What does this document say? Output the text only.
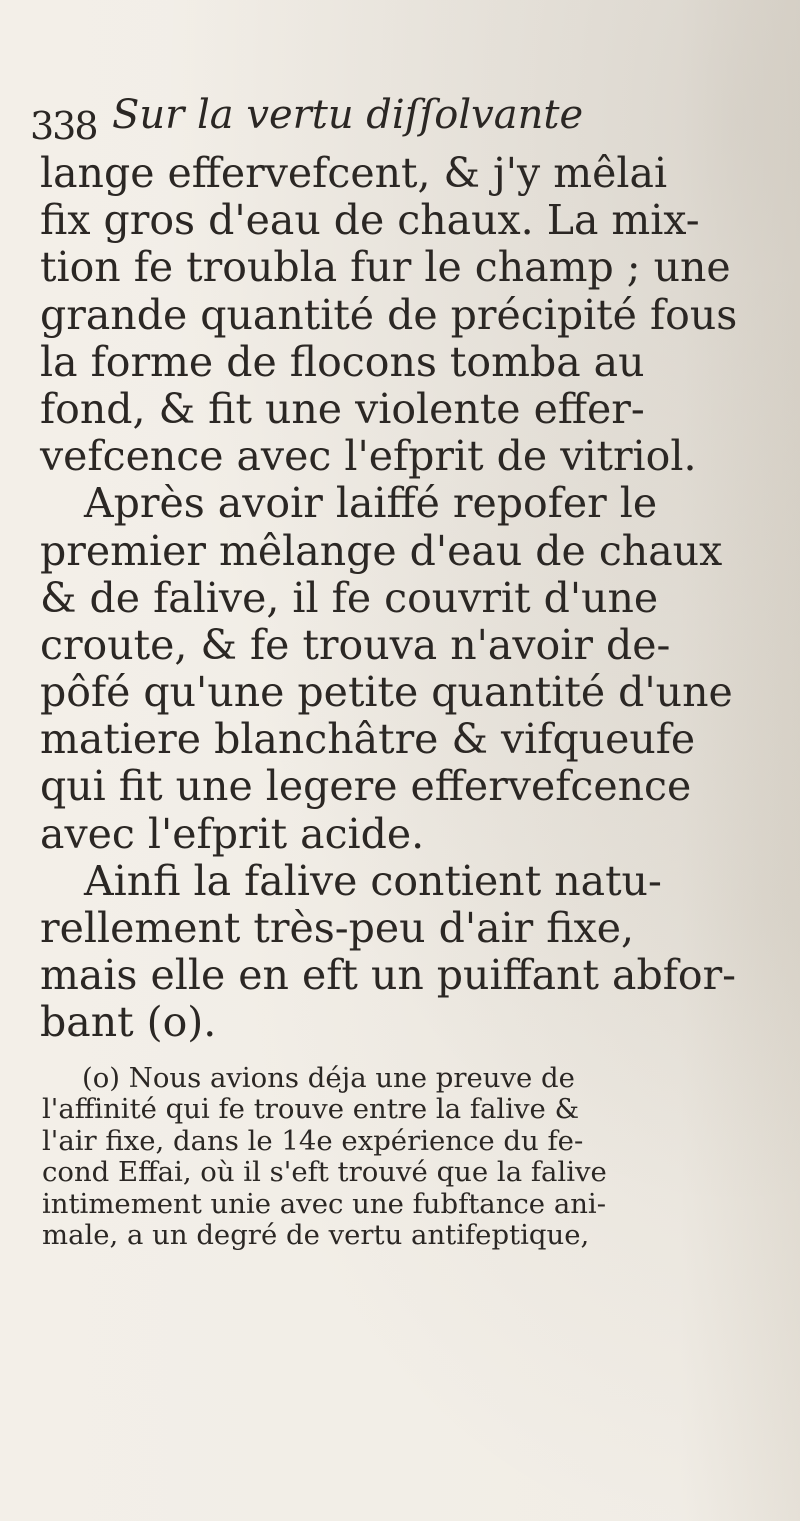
338 Sur la vertu diſſolvante
lange effervefcent, & j'y mêlai
fix gros d'eau de chaux. La mix-
tion fe troubla fur le champ ; une
grande quantité de précipité fous
la forme de flocons tomba au
fond, & fit une violente effer-
vefcence avec l'efprit de vitriol.
Après avoir laiffé repofer le
premier mêlange d'eau de chaux
& de falive, il fe couvrit d'une
croute, & fe trouva n'avoir de-
pôfé qu'une petite quantité d'une
matiere blanchâtre & vifqueufe
qui fit une legere effervefcence
avec l'efprit acide.
Ainfi la falive contient natu-
rellement très-peu d'air fixe,
mais elle en eft un puiffant abfor-
bant (o).
(o) Nous avions déja une preuve de
l'affinité qui fe trouve entre la falive &
l'air fixe, dans le 14e expérience du fe-
cond Effai, où il s'eft trouvé que la falive
intimement unie avec une fubftance ani-
male, a un degré de vertu antifeptique,
